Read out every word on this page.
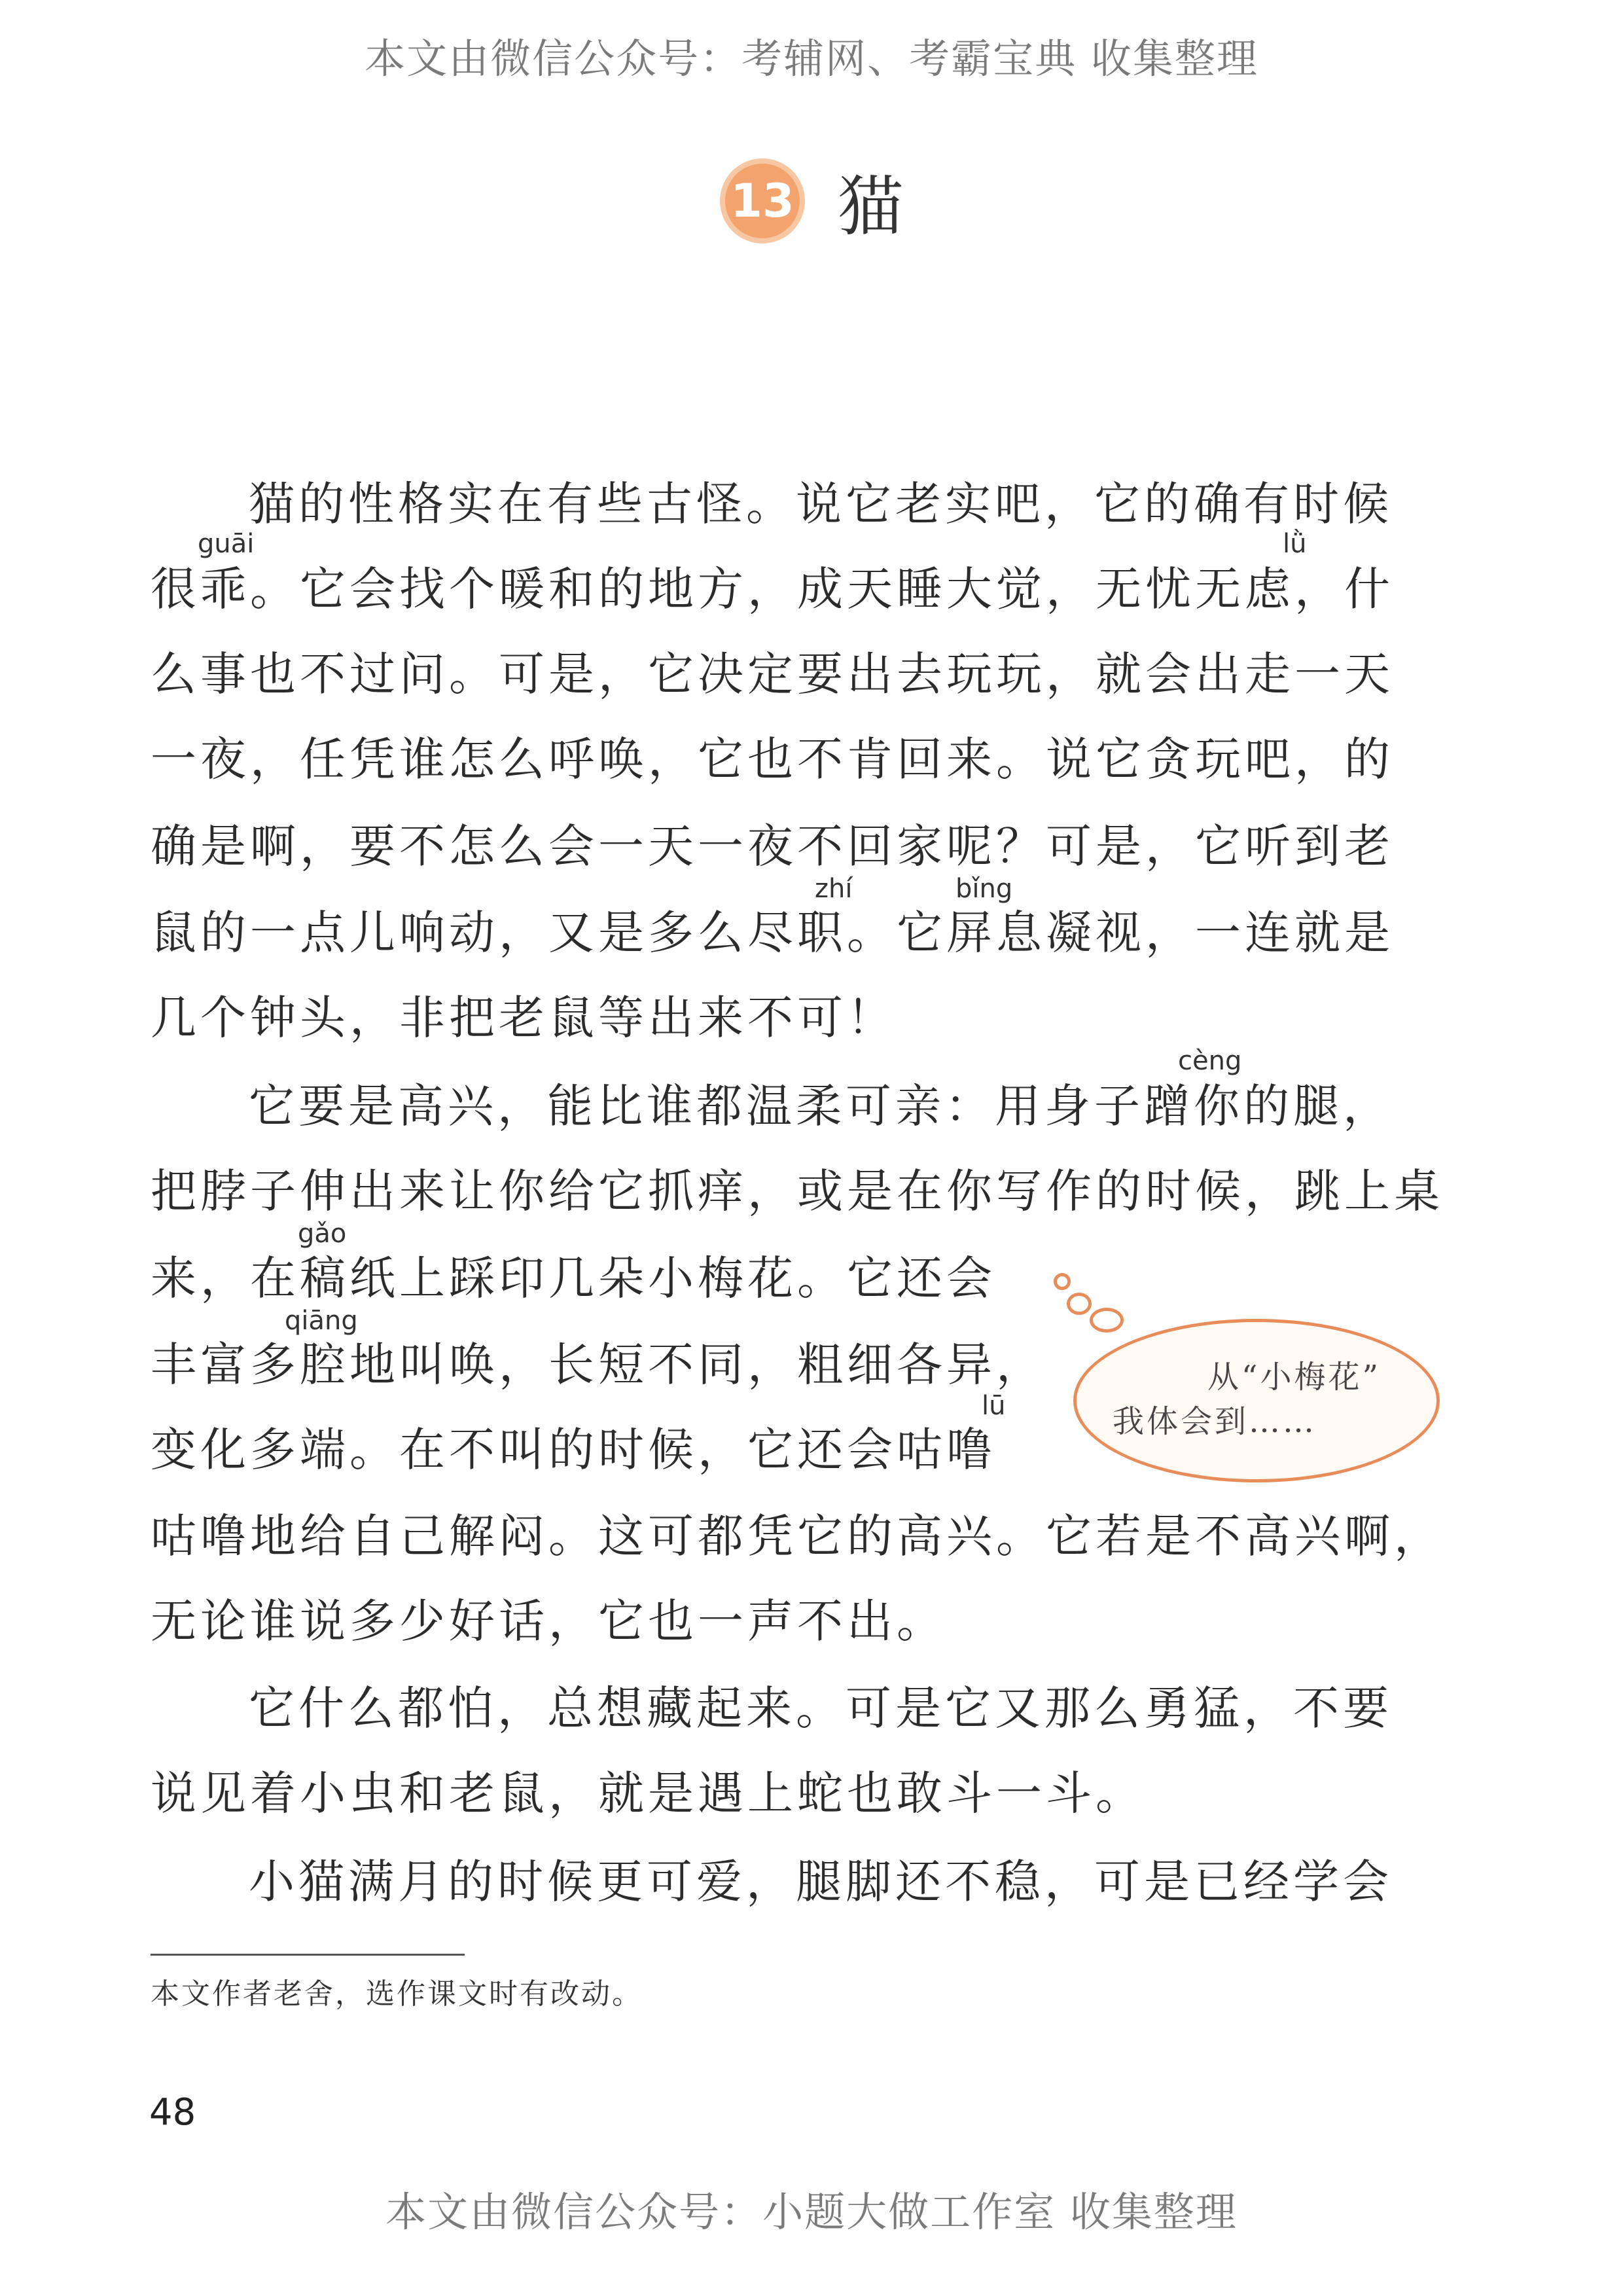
本文由微信公众号：考辅网、考霸宝典 收集整理
13 猫
guāi	lǜ
zhí	bǐng
cèng
gǎo
qiāng
lū
猫的性格实在有些古怪。说它老实吧，它的确有时候
很乖。它会找个暖和的地方，成天睡大觉，无忧无虑，什
么事也不过问。可是，它决定要出去玩玩，就会出走一天
一夜，任凭谁怎么呼唤，它也不肯回来。说它贪玩吧，的
确是啊，要不怎么会一天一夜不回家呢？可是，它听到老
鼠的一点儿响动，又是多么尽职。它屏息凝视，一连就是
几个钟头，非把老鼠等出来不可！
它要是高兴，能比谁都温柔可亲：用身子蹭你的腿，
把脖子伸出来让你给它抓痒，或是在你写作的时候，跳上桌
来，在稿纸上踩印几朵小梅花。它还会
丰富多腔地叫唤，长短不同，粗细各异，
变化多端。在不叫的时候，它还会咕噜
咕噜地给自己解闷。这可都凭它的高兴。它若是不高兴啊，
无论谁说多少好话，它也一声不出。
它什么都怕，总想藏起来。可是它又那么勇猛，不要
说见着小虫和老鼠，就是遇上蛇也敢斗一斗。
小猫满月的时候更可爱，腿脚还不稳，可是已经学会
从“小梅花”
我体会到……
本文作者老舍，选作课文时有改动。
48
本文由微信公众号：小题大做工作室 收集整理
